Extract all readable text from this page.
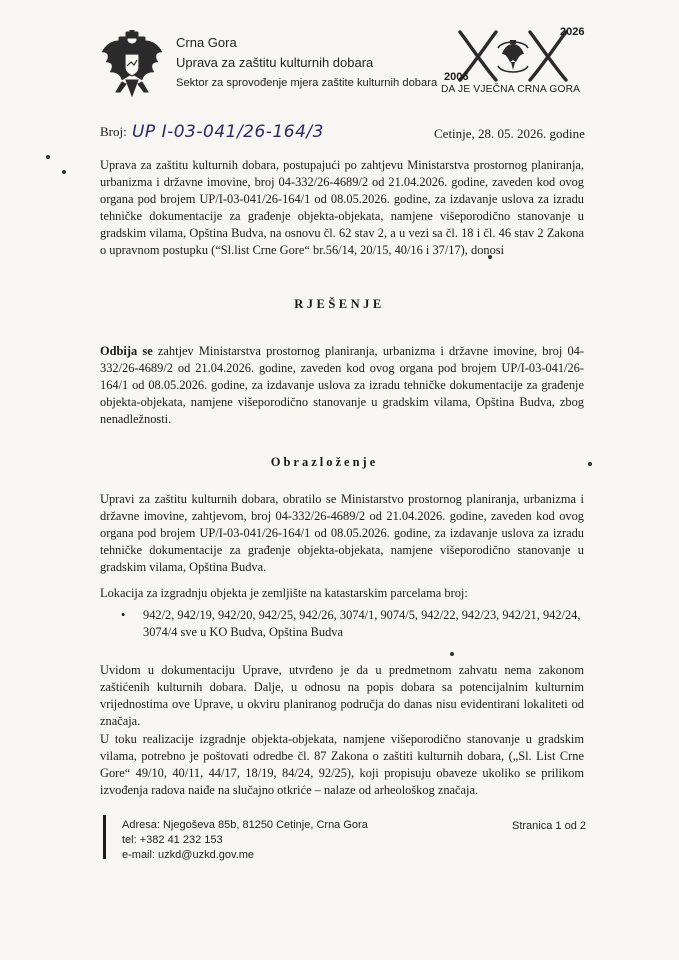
Crna Gora
Uprava za zaštitu kulturnih dobara
Sektor za sprovođenje mjera zaštite kulturnih dobara
2026
2006
DA JE VJEČNA CRNA GORA
Broj: UP I-03-041/26-164/3	Cetinje, 28. 05. 2026. godine
Uprava za zaštitu kulturnih dobara, postupajući po zahtjevu Ministarstva prostornog planiranja, urbanizma i državne imovine, broj 04-332/26-4689/2 od 21.04.2026. godine, zaveden kod ovog organa pod brojem UP/I-03-041/26-164/1 od 08.05.2026. godine, za izdavanje uslova za izradu tehničke dokumentacije za građenje objekta-objekata, namjene višeporodično stanovanje u gradskim vilama, Opština Budva, na osnovu čl. 62 stav 2, a u vezi sa čl. 18 i čl. 46 stav 2 Zakona o upravnom postupku (“Sl.list Crne Gore“ br.56/14, 20/15, 40/16 i 37/17), donosi
RJEŠENJE
Odbija se zahtjev Ministarstva prostornog planiranja, urbanizma i državne imovine, broj 04-332/26-4689/2 od 21.04.2026. godine, zaveden kod ovog organa pod brojem UP/I-03-041/26-164/1 od 08.05.2026. godine, za izdavanje uslova za izradu tehničke dokumentacije za građenje objekta-objekata, namjene višeporodično stanovanje u gradskim vilama, Opština Budva, zbog nenadležnosti.
Obrazloženje
Upravi za zaštitu kulturnih dobara, obratilo se Ministarstvo prostornog planiranja, urbanizma i državne imovine, zahtjevom, broj 04-332/26-4689/2 od 21.04.2026. godine, zaveden kod ovog organa pod brojem UP/I-03-041/26-164/1 od 08.05.2026. godine, za izdavanje uslova za izradu tehničke dokumentacije za građenje objekta-objekata, namjene višeporodično stanovanje u gradskim vilama, Opština Budva.
Lokacija za izgradnju objekta je zemljište na katastarskim parcelama broj:
• 942/2, 942/19, 942/20, 942/25, 942/26, 3074/1, 9074/5, 942/22, 942/23, 942/21, 942/24, 3074/4 sve u KO Budva, Opština Budva
Uvidom u dokumentaciju Uprave, utvrđeno je da u predmetnom zahvatu nema zakonom zaštićenih kulturnih dobara. Dalje, u odnosu na popis dobara sa potencijalnim kulturnim vrijednostima ove Uprave, u okviru planiranog područja do danas nisu evidentirani lokaliteti od značaja.
U toku realizacije izgradnje objekta-objekata, namjene višeporodično stanovanje u gradskim vilama, potrebno je poštovati odredbe čl. 87 Zakona o zaštiti kulturnih dobara, („Sl. List Crne Gore“ 49/10, 40/11, 44/17, 18/19, 84/24, 92/25), koji propisuju obaveze ukoliko se prilikom izvođenja radova naiđe na slučajno otkriće – nalaze od arheološkog značaja.
Adresa: Njegoševa 85b, 81250 Cetinje, Crna Gora
tel: +382 41 232 153
e-mail: uzkd@uzkd.gov.me
Stranica 1 od 2
